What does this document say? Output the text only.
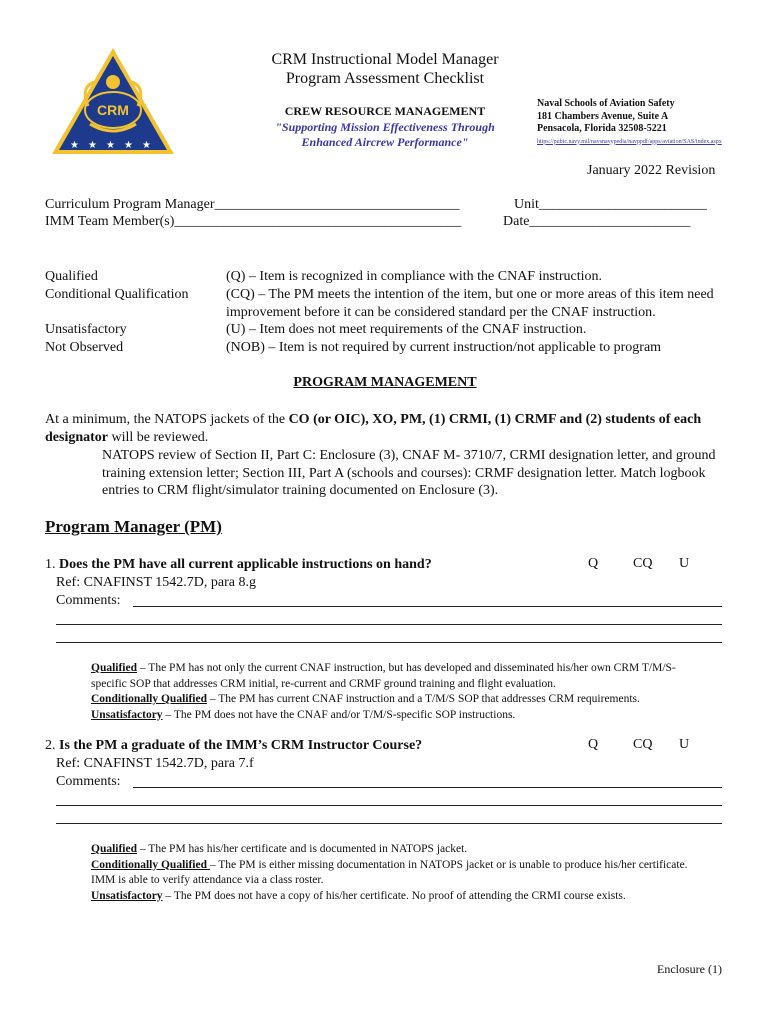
CRM
★ ★ ★ ★ ★
CRM Instructional Model Manager
Program Assessment Checklist
CREW RESOURCE MANAGEMENT
"Supporting Mission Effectiveness Through
Enhanced Aircrew Performance"
Naval Schools of Aviation Safety
181 Chambers Avenue, Suite A
Pensacola, Florida 32508-5221
https://pubic.navy.mil/navsnavypedia/navppdf/apps/aviation/SAS/index.aspx
January 2022 Revision
Curriculum Program Manager___________________________________	Unit________________________
IMM Team Member(s)_________________________________________	Date_______________________
Qualified	(Q) – Item is recognized in compliance with the CNAF instruction.
Conditional Qualification	(CQ) – The PM meets the intention of the item, but one or more areas of this item need improvement before it can be considered standard per the CNAF instruction.
Unsatisfactory	(U) – Item does not meet requirements of the CNAF instruction.
Not Observed	(NOB) – Item is not required by current instruction/not applicable to program
PROGRAM MANAGEMENT
At a minimum, the NATOPS jackets of the CO (or OIC), XO, PM, (1) CRMI, (1) CRMF and (2) students of each designator will be reviewed.
NATOPS review of Section II, Part C: Enclosure (3), CNAF M- 3710/7, CRMI designation letter, and ground training extension letter; Section III, Part A (schools and courses): CRMF designation letter. Match logbook entries to CRM flight/simulator training documented on Enclosure (3).
Program Manager (PM)
1. Does the PM have all current applicable instructions on hand?	Q CQ U
Ref: CNAFINST 1542.7D, para 8.g
Comments:
Qualified – The PM has not only the current CNAF instruction, but has developed and disseminated his/her own CRM T/M/S-specific SOP that addresses CRM initial, re-current and CRMF ground training and flight evaluation.
Conditionally Qualified – The PM has current CNAF instruction and a T/M/S SOP that addresses CRM requirements.
Unsatisfactory – The PM does not have the CNAF and/or T/M/S-specific SOP instructions.
2. Is the PM a graduate of the IMM’s CRM Instructor Course?	Q CQ U
Ref: CNAFINST 1542.7D, para 7.f
Comments:
Qualified – The PM has his/her certificate and is documented in NATOPS jacket.
Conditionally Qualified – The PM is either missing documentation in NATOPS jacket or is unable to produce his/her certificate. IMM is able to verify attendance via a class roster.
Unsatisfactory – The PM does not have a copy of his/her certificate. No proof of attending the CRMI course exists.
Enclosure (1)
